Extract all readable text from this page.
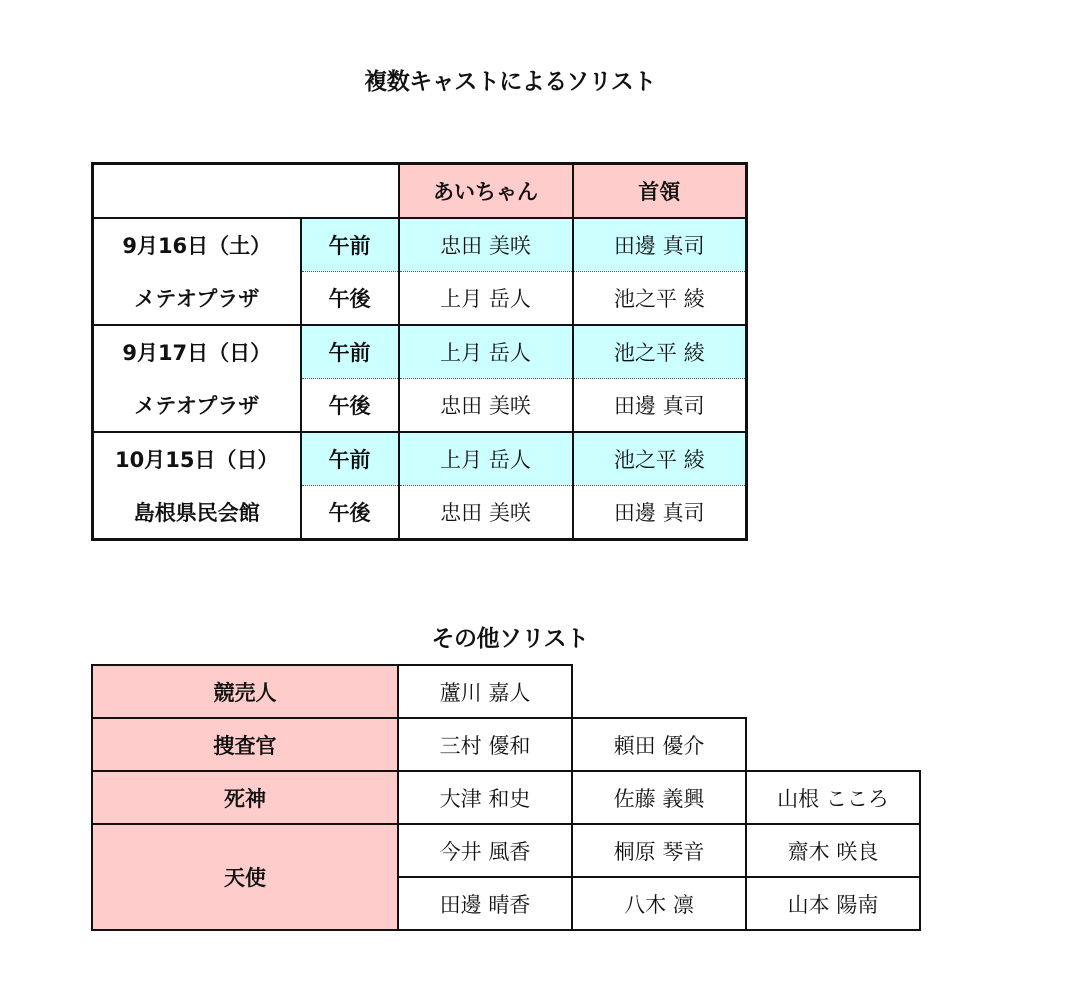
複数キャストによるソリスト
		あいちゃん	首領
9月16日（土）	午前	忠田 美咲	田邊 真司
メテオプラザ	午後	上月 岳人	池之平 綾
9月17日（日）	午前	上月 岳人	池之平 綾
メテオプラザ	午後	忠田 美咲	田邊 真司
10月15日（日）	午前	上月 岳人	池之平 綾
島根県民会館	午後	忠田 美咲	田邊 真司
その他ソリスト
競売人	蘆川 嘉人		
捜査官	三村 優和	頼田 優介	
死神	大津 和史	佐藤 義興	山根 こころ
天使	今井 風香	桐原 琴音	齋木 咲良
	田邊 晴香	八木 凛	山本 陽南
